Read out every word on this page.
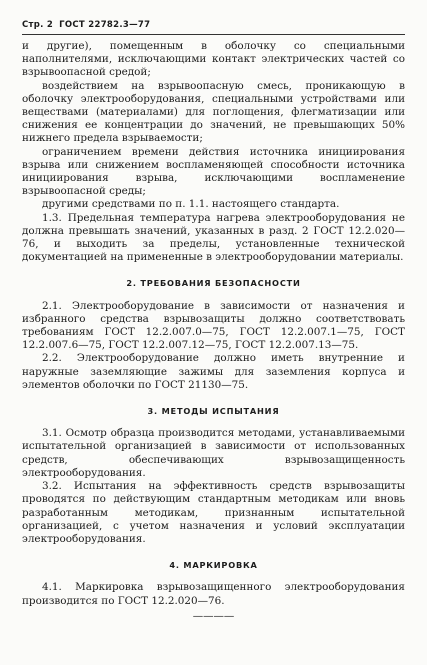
Стр. 2 ГОСТ 22782.3—77

и другие), помещенным в оболочку со специальными наполнителями, исключающими контакт электрических частей со взрывоопасной средой;

воздействием на взрывоопасную смесь, проникающую в оболочку электрооборудования, специальными устройствами или веществами (материалами) для поглощения, флегматизации или снижения ее концентрации до значений, не превышающих 50% нижнего предела взрываемости;

ограничением времени действия источника инициирования взрыва или снижением воспламеняющей способности источника инициирования взрыва, исключающими воспламенение взрывоопасной среды;

другими средствами по п. 1.1. настоящего стандарта.

1.3. Предельная температура нагрева электрооборудования не должна превышать значений, указанных в разд. 2 ГОСТ 12.2.020—76, и выходить за пределы, установленные технической документацией на примененные в электрооборудовании материалы.

2. ТРЕБОВАНИЯ БЕЗОПАСНОСТИ

2.1. Электрооборудование в зависимости от назначения и избранного средства взрывозащиты должно соответствовать требованиям ГОСТ 12.2.007.0—75, ГОСТ 12.2.007.1—75, ГОСТ 12.2.007.6—75, ГОСТ 12.2.007.12—75, ГОСТ 12.2.007.13—75.

2.2. Электрооборудование должно иметь внутренние и наружные заземляющие зажимы для заземления корпуса и элементов оболочки по ГОСТ 21130—75.

3. МЕТОДЫ ИСПЫТАНИЯ

3.1. Осмотр образца производится методами, устанавливаемыми испытательной организацией в зависимости от использованных средств, обеспечивающих взрывозащищенность электрооборудования.

3.2. Испытания на эффективность средств взрывозащиты проводятся по действующим стандартным методикам или вновь разработанным методикам, признанным испытательной организацией, с учетом назначения и условий эксплуатации электрооборудования.

4. МАРКИРОВКА

4.1. Маркировка взрывозащищенного электрооборудования производится по ГОСТ 12.2.020—76.

————
